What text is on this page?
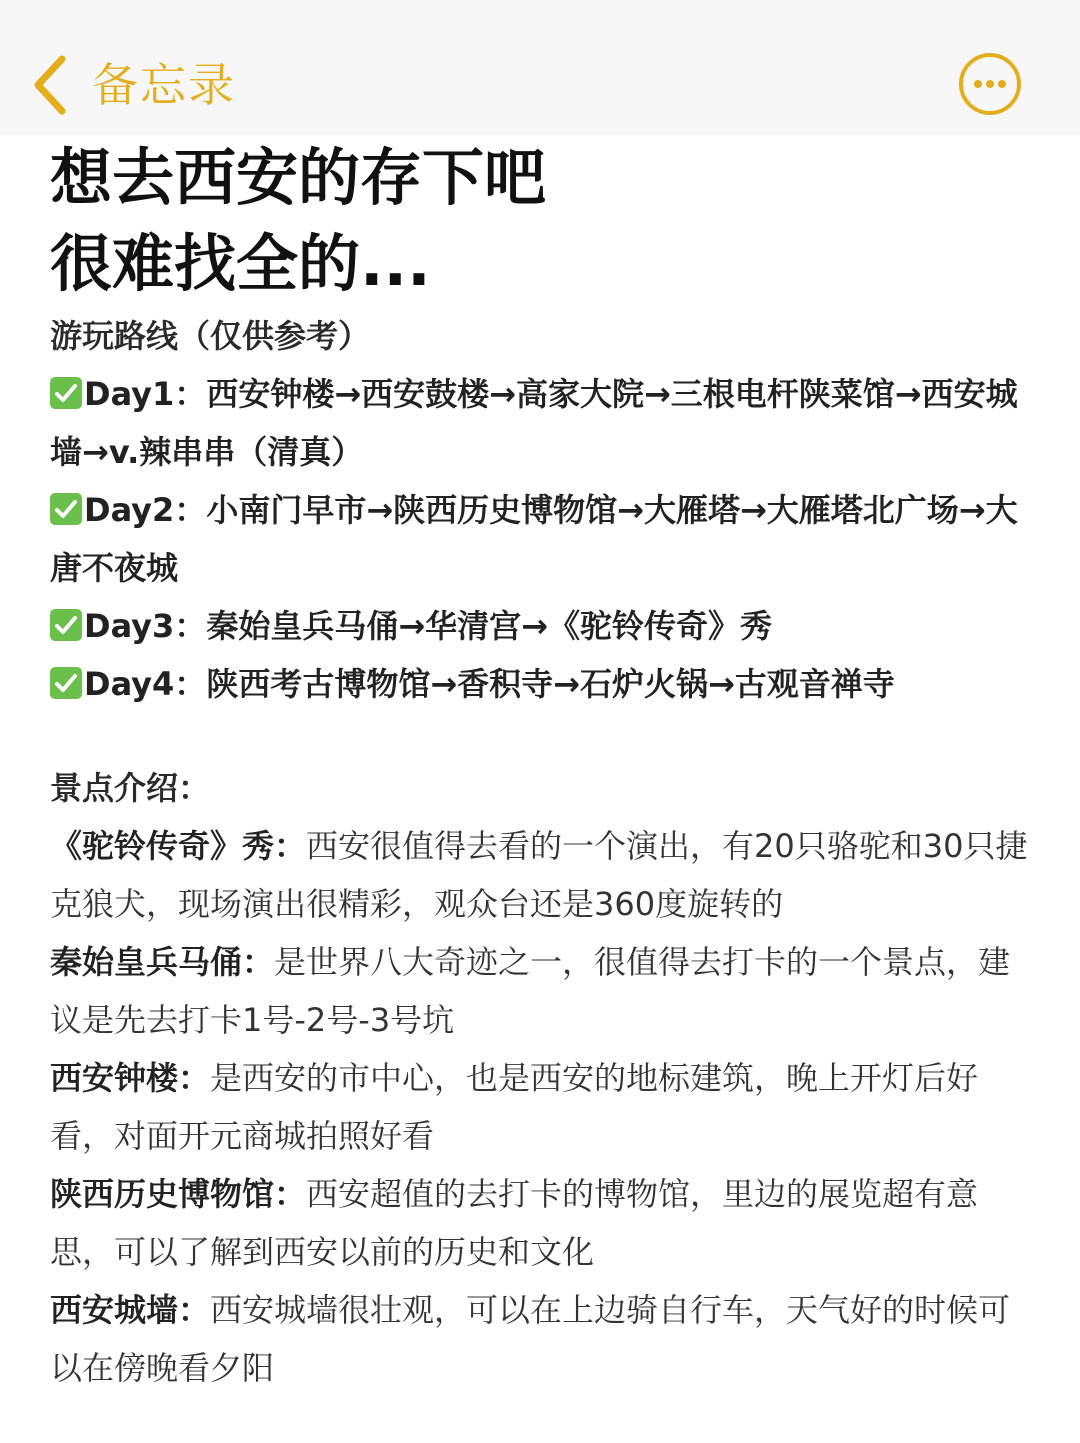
备忘录
想去西安的存下吧
很难找全的...
游玩路线（仅供参考）

Day1：西安钟楼→西安鼓楼→高家大院→三根电杆陕菜馆→西安城墙→v.辣串串（清真）

Day2：小南门早市→陕西历史博物馆→大雁塔→大雁塔北广场→大唐不夜城

Day3：秦始皇兵马俑→华清宫→《驼铃传奇》秀

Day4：陕西考古博物馆→香积寺→石炉火锅→古观音禅寺

景点介绍：

《驼铃传奇》秀：西安很值得去看的一个演出，有20只骆驼和30只捷克狼犬，现场演出很精彩，观众台还是360度旋转的

秦始皇兵马俑：是世界八大奇迹之一，很值得去打卡的一个景点，建议是先去打卡1号-2号-3号坑

西安钟楼：是西安的市中心，也是西安的地标建筑，晚上开灯后好看，对面开元商城拍照好看

陕西历史博物馆：西安超值的去打卡的博物馆，里边的展览超有意思，可以了解到西安以前的历史和文化

西安城墙：西安城墙很壮观，可以在上边骑自行车，天气好的时候可以在傍晚看夕阳
